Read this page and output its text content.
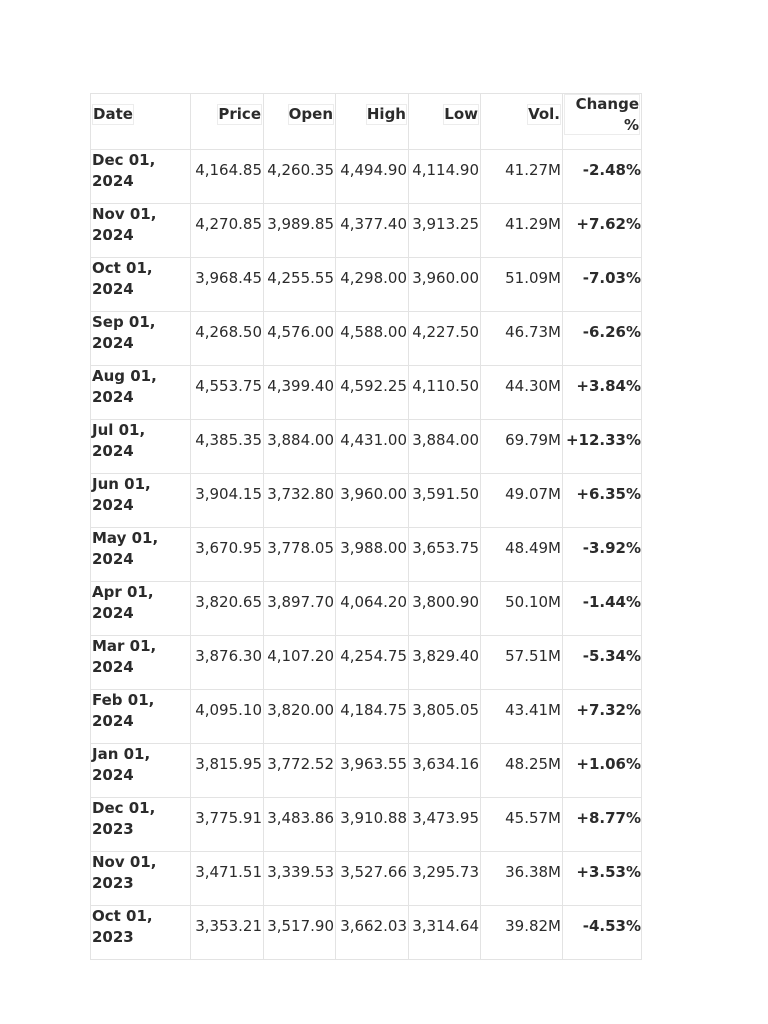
Date	Price	Open	High	Low	Vol.	Change %
Dec 01, 2024	4,164.85	4,260.35	4,494.90	4,114.90	41.27M	-2.48%

Nov 01, 2024	4,270.85	3,989.85	4,377.40	3,913.25	41.29M	+7.62%

Oct 01, 2024	3,968.45	4,255.55	4,298.00	3,960.00	51.09M	-7.03%

Sep 01, 2024	4,268.50	4,576.00	4,588.00	4,227.50	46.73M	-6.26%

Aug 01, 2024	4,553.75	4,399.40	4,592.25	4,110.50	44.30M	+3.84%

Jul 01, 2024	4,385.35	3,884.00	4,431.00	3,884.00	69.79M	+12.33%

Jun 01, 2024	3,904.15	3,732.80	3,960.00	3,591.50	49.07M	+6.35%

May 01, 2024	3,670.95	3,778.05	3,988.00	3,653.75	48.49M	-3.92%

Apr 01, 2024	3,820.65	3,897.70	4,064.20	3,800.90	50.10M	-1.44%

Mar 01, 2024	3,876.30	4,107.20	4,254.75	3,829.40	57.51M	-5.34%

Feb 01, 2024	4,095.10	3,820.00	4,184.75	3,805.05	43.41M	+7.32%

Jan 01, 2024	3,815.95	3,772.52	3,963.55	3,634.16	48.25M	+1.06%

Dec 01, 2023	3,775.91	3,483.86	3,910.88	3,473.95	45.57M	+8.77%

Nov 01, 2023	3,471.51	3,339.53	3,527.66	3,295.73	36.38M	+3.53%

Oct 01, 2023	3,353.21	3,517.90	3,662.03	3,314.64	39.82M	-4.53%
